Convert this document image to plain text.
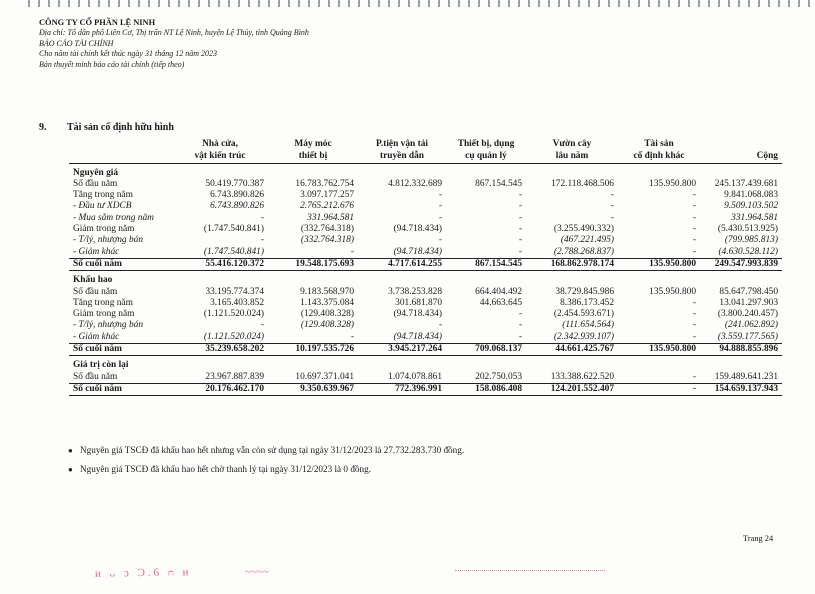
CÔNG TY CỔ PHẦN LỆ NINH
Địa chỉ: Tổ dân phố Liên Cơ, Thị trấn NT Lệ Ninh, huyện Lệ Thủy, tỉnh Quảng Bình
BÁO CÁO TÀI CHÍNH
Cho năm tài chính kết thúc ngày 31 tháng 12 năm 2023
Bản thuyết minh báo cáo tài chính (tiếp theo)
9. Tài sản cố định hữu hình
	Nhà cửa,	Máy móc	P.tiện vận tải	Thiết bị, dụng	Vườn cây	Tài sản	
	vật kiến trúc	thiết bị	truyền dẫn	cụ quản lý	lâu năm	cố định khác	Cộng
Nguyên giá							
Số đầu năm	50.419.770.387	16.783.762.754	4.812.332.689	867.154.545	172.118.468.506	135.950.800	245.137.439.681
Tăng trong năm	6.743.890.826	3.097.177.257	-	-	-	-	9.841.068.083
- Đầu tư XDCB	6.743.890.826	2.765.212.676	-	-	-	-	9.509.103.502
- Mua sắm trong năm	-	331.964.581	-	-	-	-	331.964.581
Giảm trong năm	(1.747.540.841)	(332.764.318)	(94.718.434)	-	(3.255.490.332)	-	(5.430.513.925)
- T/lý, nhượng bán	-	(332.764.318)	-	-	(467.221.495)	-	(799.985.813)
- Giảm khác	(1.747.540.841)	-	(94.718.434)	-	(2.788.268.837)	-	(4.630.528.112)
Số cuối năm	55.416.120.372	19.548.175.693	4.717.614.255	867.154.545	168.862.978.174	135.950.800	249.547.993.839
Khấu hao							
Số đầu năm	33.195.774.374	9.183.568.970	3.738.253.828	664.404.492	38.729.845.986	135.950.800	85.647.798.450
Tăng trong năm	3.165.403.852	1.143.375.084	301.681.870	44.663.645	8.386.173.452	-	13.041.297.903
Giảm trong năm	(1.121.520.024)	(129.408.328)	(94.718.434)	-	(2.454.593.671)	-	(3.800.240.457)
- T/lý, nhượng bán	-	(129.408.328)	-	-	(111.654.564)	-	(241.062.892)
- Giảm khác	(1.121.520.024)	-	(94.718.434)	-	(2.342.939.107)	-	(3.559.177.565)
Số cuối năm	35.239.658.202	10.197.535.726	3.945.217.264	709.068.137	44.661.425.767	135.950.800	94.888.855.896
Giá trị còn lại							
Số đầu năm	23.967.887.839	10.697.371.041	1.074.078.861	202.750.053	133.388.622.520	-	159.489.641.231
Số cuối năm	20.176.462.170	9.350.639.967	772.396.991	158.086.408	124.201.552.407	-	154.659.137.943
● Nguyên giá TSCĐ đã khấu hao hết nhưng vẫn còn sử dụng tại ngày 31/12/2023 là 27.732.283.730 đồng.
● Nguyên giá TSCĐ đã khấu hao hết chờ thanh lý tại ngày 31/12/2023 là 0 đồng.
Trang 24
ᴎ ᴗ ɔ Ɔ.6 ᴒ ᴎ	~~~~
